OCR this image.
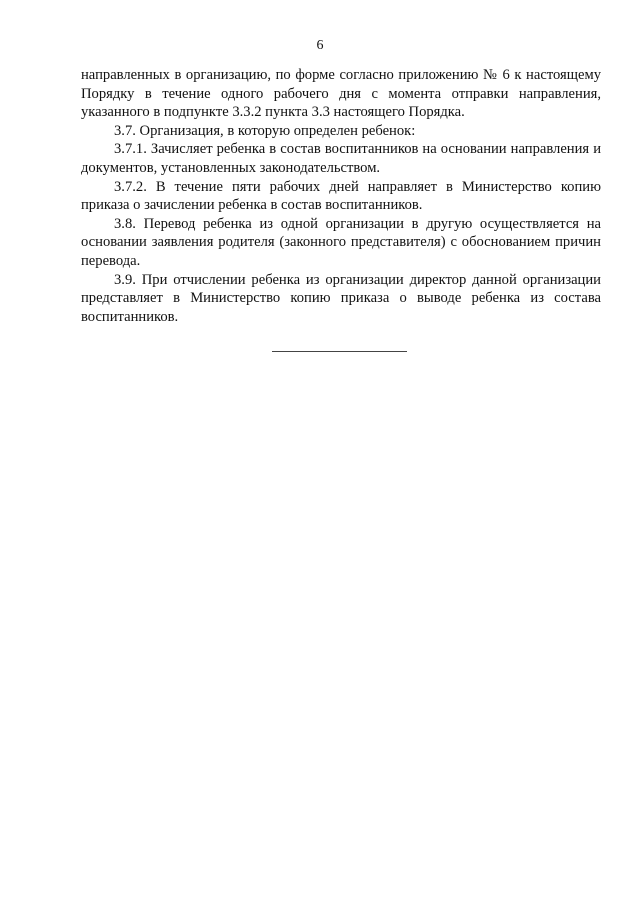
6

направленных в организацию, по форме согласно приложению № 6 к настоящему Порядку в течение одного рабочего дня с момента отправки направления, указанного в подпункте 3.3.2 пункта 3.3 настоящего Порядка.

3.7. Организация, в которую определен ребенок:

3.7.1. Зачисляет ребенка в состав воспитанников на основании направления и документов, установленных законодательством.

3.7.2. В течение пяти рабочих дней направляет в Министерство копию приказа о зачислении ребенка в состав воспитанников.

3.8. Перевод ребенка из одной организации в другую осуществляется на основании заявления родителя (законного представителя) с обоснованием причин перевода.

3.9. При отчислении ребенка из организации директор данной организации представляет в Министерство копию приказа о выводе ребенка из состава воспитанников.
